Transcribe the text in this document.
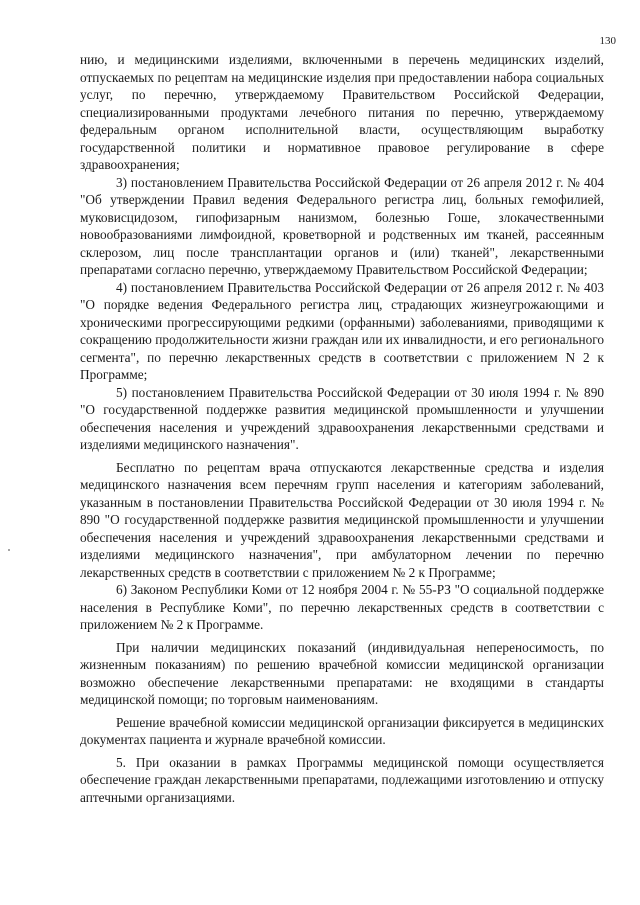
130

нию, и медицинскими изделиями, включенными в перечень медицинских изделий, отпускаемых по рецептам на медицинские изделия при предоставлении набора социальных услуг, по перечню, утверждаемому Правительством Российской Федерации, специализированными продуктами лечебного питания по перечню, утверждаемому федеральным органом исполнительной власти, осуществляющим выработку государственной политики и нормативное правовое регулирование в сфере здравоохранения;

3) постановлением Правительства Российской Федерации от 26 апреля 2012 г. № 404 "Об утверждении Правил ведения Федерального регистра лиц, больных гемофилией, муковисцидозом, гипофизарным нанизмом, болезнью Гоше, злокачественными новообразованиями лимфоидной, кроветворной и родственных им тканей, рассеянным склерозом, лиц после трансплантации органов и (или) тканей", лекарственными препаратами согласно перечню, утверждаемому Правительством Российской Федерации;

4) постановлением Правительства Российской Федерации от 26 апреля 2012 г. № 403 "О порядке ведения Федерального регистра лиц, страдающих жизнеугрожающими и хроническими прогрессирующими редкими (орфанными) заболеваниями, приводящими к сокращению продолжительности жизни граждан или их инвалидности, и его регионального сегмента", по перечню лекарственных средств в соответствии с приложением N 2 к Программе;

5) постановлением Правительства Российской Федерации от 30 июля 1994 г. № 890 "О государственной поддержке развития медицинской промышленности и улучшении обеспечения населения и учреждений здравоохранения лекарственными средствами и изделиями медицинского назначения".

Бесплатно по рецептам врача отпускаются лекарственные средства и изделия медицинского назначения всем перечням групп населения и категориям заболеваний, указанным в постановлении Правительства Российской Федерации от 30 июля 1994 г. № 890 "О государственной поддержке развития медицинской промышленности и улучшении обеспечения населения и учреждений здравоохранения лекарственными средствами и изделиями медицинского назначения", при амбулаторном лечении по перечню лекарственных средств в соответствии с приложением № 2 к Программе;

6) Законом Республики Коми от 12 ноября 2004 г. № 55-РЗ "О социальной поддержке населения в Республике Коми", по перечню лекарственных средств в соответствии с приложением № 2 к Программе.

При наличии медицинских показаний (индивидуальная непереносимость, по жизненным показаниям) по решению врачебной комиссии медицинской организации возможно обеспечение лекарственными препаратами: не входящими в стандарты медицинской помощи; по торговым наименованиям.

Решение врачебной комиссии медицинской организации фиксируется в медицинских документах пациента и журнале врачебной комиссии.

5. При оказании в рамках Программы медицинской помощи осуществляется обеспечение граждан лекарственными препаратами, подлежащими изготовлению и отпуску аптечными организациями.
